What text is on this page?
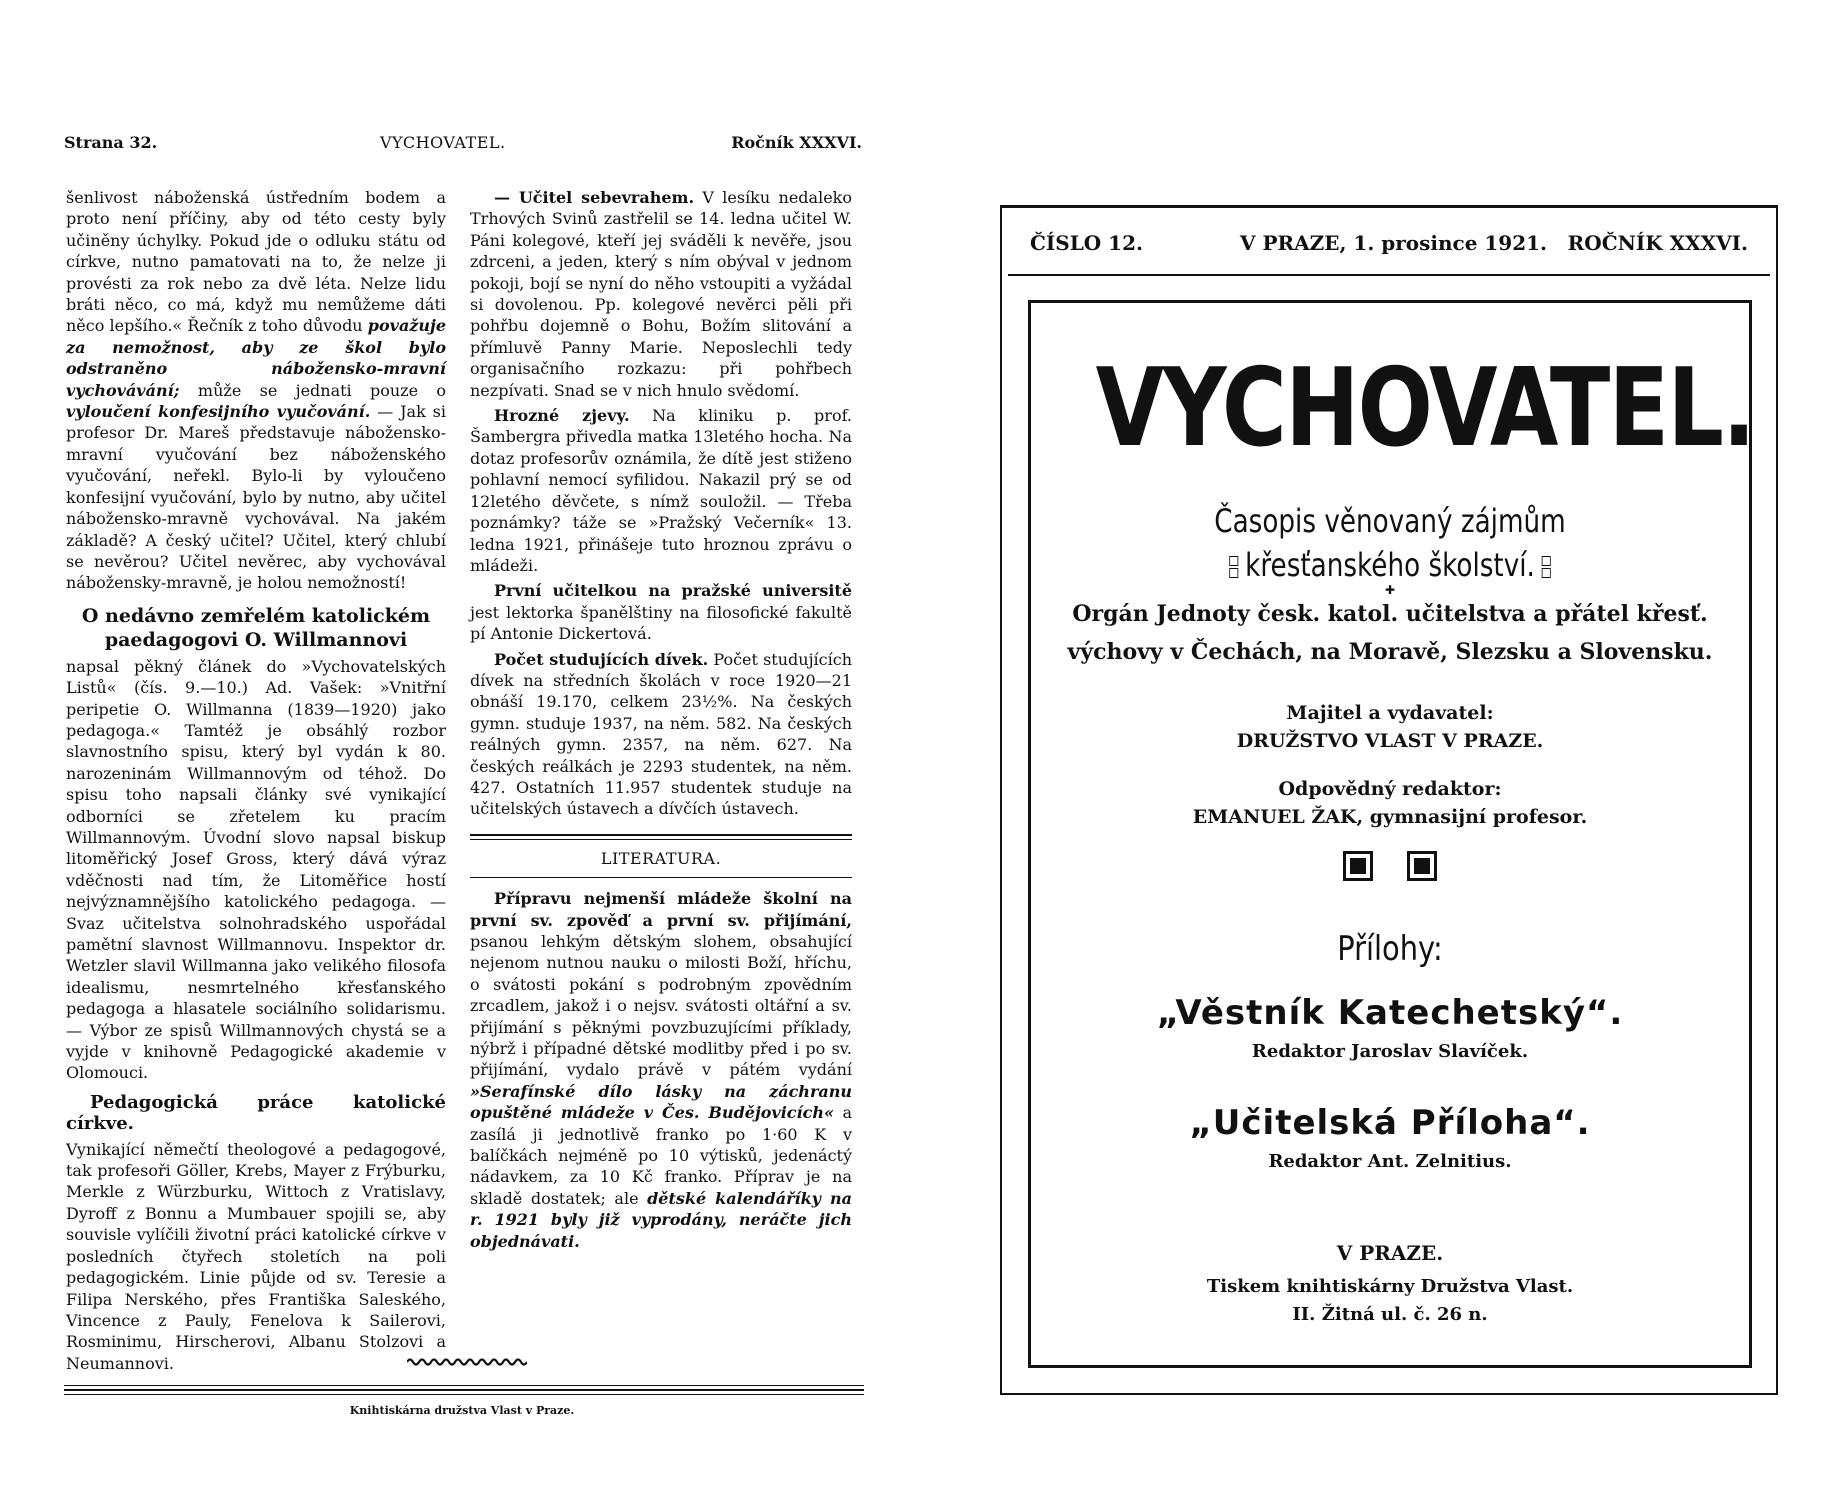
Strana 32.	VYCHOVATEL.	Ročník XXXVI.

šenlivost náboženská ústředním bodem a proto není příčiny, aby od této cesty byly učiněny úchylky. Pokud jde o odluku státu od církve, nutno pamatovati na to, že nelze ji provésti za rok nebo za dvě léta. Nelze lidu bráti něco, co má, když mu nemůžeme dáti něco lepšího.« Řečník z toho důvodu považuje za nemožnost, aby ze škol bylo odstraněno nábožensko-mravní vychovávání; může se jednati pouze o vyloučení konfesijního vyučování. — Jak si profesor Dr. Mareš představuje nábožensko-mravní vyučování bez náboženského vyučování, neřekl. Bylo-li by vyloučeno konfesijní vyučování, bylo by nutno, aby učitel nábožensko-mravně vychovával. Na jakém základě? A český učitel? Učitel, který chlubí se nevěrou? Učitel nevěrec, aby vychovával nábožensky-mravně, je holou nemožností!

O nedávno zemřelém katolickém paedagogovi O. Willmannovi

napsal pěkný článek do »Vychovatelských Listů« (čís. 9.—10.) Ad. Vašek: »Vnitřní peripetie O. Willmanna (1839—1920) jako pedagoga.« Tamtéž je obsáhlý rozbor slavnostního spisu, který byl vydán k 80. narozeninám Willmannovým od téhož. Do spisu toho napsali články své vynikající odborníci se zřetelem ku pracím Willmannovým. Úvodní slovo napsal biskup litoměřický Josef Gross, který dává výraz vděčnosti nad tím, že Litoměřice hostí nejvýznamnějšího katolického pedagoga. — Svaz učitelstva solnohradského uspořádal pamětní slavnost Willmannovu. Inspektor dr. Wetzler slavil Willmanna jako velikého filosofa idealismu, nesmrtelného křesťanského pedagoga a hlasatele sociálního solidarismu. — Výbor ze spisů Willmannových chystá se a vyjde v knihovně Pedagogické akademie v Olomouci.

Pedagogická práce katolické církve.

Vynikající němečtí theologové a pedagogové, tak profesoři Göller, Krebs, Mayer z Frýburku, Merkle z Würzburku, Wittoch z Vratislavy, Dyroff z Bonnu a Mumbauer spojili se, aby souvisle vylíčili životní práci katolické církve v posledních čtyřech stoletích na poli pedagogickém. Linie půjde od sv. Teresie a Filipa Nerského, přes Františka Saleského, Vincence z Pauly, Fenelova k Sailerovi, Rosminimu, Hirscherovi, Albanu Stolzovi a Neumannovi.

— Učitel sebevrahem. V lesíku nedaleko Trhových Svinů zastřelil se 14. ledna učitel W. Páni kolegové, kteří jej sváděli k nevěře, jsou zdrceni, a jeden, který s ním obýval v jednom pokoji, bojí se nyní do něho vstoupiti a vyžádal si dovolenou. Pp. kolegové nevěrci pěli při pohřbu dojemně o Bohu, Božím slitování a přímluvě Panny Marie. Neposlechli tedy organisačního rozkazu: při pohřbech nezpívati. Snad se v nich hnulo svědomí.

Hrozné zjevy. Na kliniku p. prof. Šambergra přivedla matka 13letého hocha. Na dotaz profesorův oznámila, že dítě jest stiženo pohlavní nemocí syfilidou. Nakazil prý se od 12letého děvčete, s nímž souložil. — Třeba poznámky? táže se »Pražský Večerník« 13. ledna 1921, přinášeje tuto hroznou zprávu o mládeži.

První učitelkou na pražské universitě jest lektorka španělštiny na filosofické fakultě pí Antonie Dickertová.

Počet studujících dívek. Počet studujících dívek na středních školách v roce 1920—21 obnáší 19.170, celkem 23½%. Na českých gymn. studuje 1937, na něm. 582. Na českých reálných gymn. 2357, na něm. 627. Na českých reálkách je 2293 studentek, na něm. 427. Ostatních 11.957 studentek studuje na učitelských ústavech a dívčích ústavech.

LITERATURA.

Přípravu nejmenší mládeže školní na první sv. zpověď a první sv. přijímání, psanou lehkým dětským slohem, obsahující nejenom nutnou nauku o milosti Boží, hříchu, o svátosti pokání s podrobným zpovědním zrcadlem, jakož i o nejsv. svátosti oltářní a sv. přijímání s pěknými povzbuzujícími příklady, nýbrž i případné dětské modlitby před i po sv. přijímání, vydalo právě v pátém vydání »Serafínské dílo lásky na záchranu opuštěné mládeže v Čes. Budějovicích« a zasílá ji jednotlivě franko po 1·60 K v balíčkách nejméně po 10 výtisků, jedenáctý nádavkem, za 10 Kč franko. Příprav je na skladě dostatek; ale dětské kalendáříky na r. 1921 byly již vyprodány, neráčte jich objednávati.

Knihtiskárna družstva Vlast v Praze.
ČÍSLO 12.	V PRAZE, 1. prosince 1921. ROČNÍK XXXVI.
VYCHOVATEL.
Časopis věnovaný zájmům
křesťanského školství.
✚
Orgán Jednoty česk. katol. učitelstva a přátel křesť.
výchovy v Čechách, na Moravě, Slezsku a Slovensku.
Majitel a vydavatel:
DRUŽSTVO VLAST V PRAZE.
Odpovědný redaktor:
EMANUEL ŽAK, gymnasijní profesor.

Přílohy:
„Věstník Katechetský“.
Redaktor Jaroslav Slavíček.
„Učitelská Příloha“.
Redaktor Ant. Zelnitius.
V PRAZE.
Tiskem knihtiskárny Družstva Vlast.
II. Žitná ul. č. 26 n.
